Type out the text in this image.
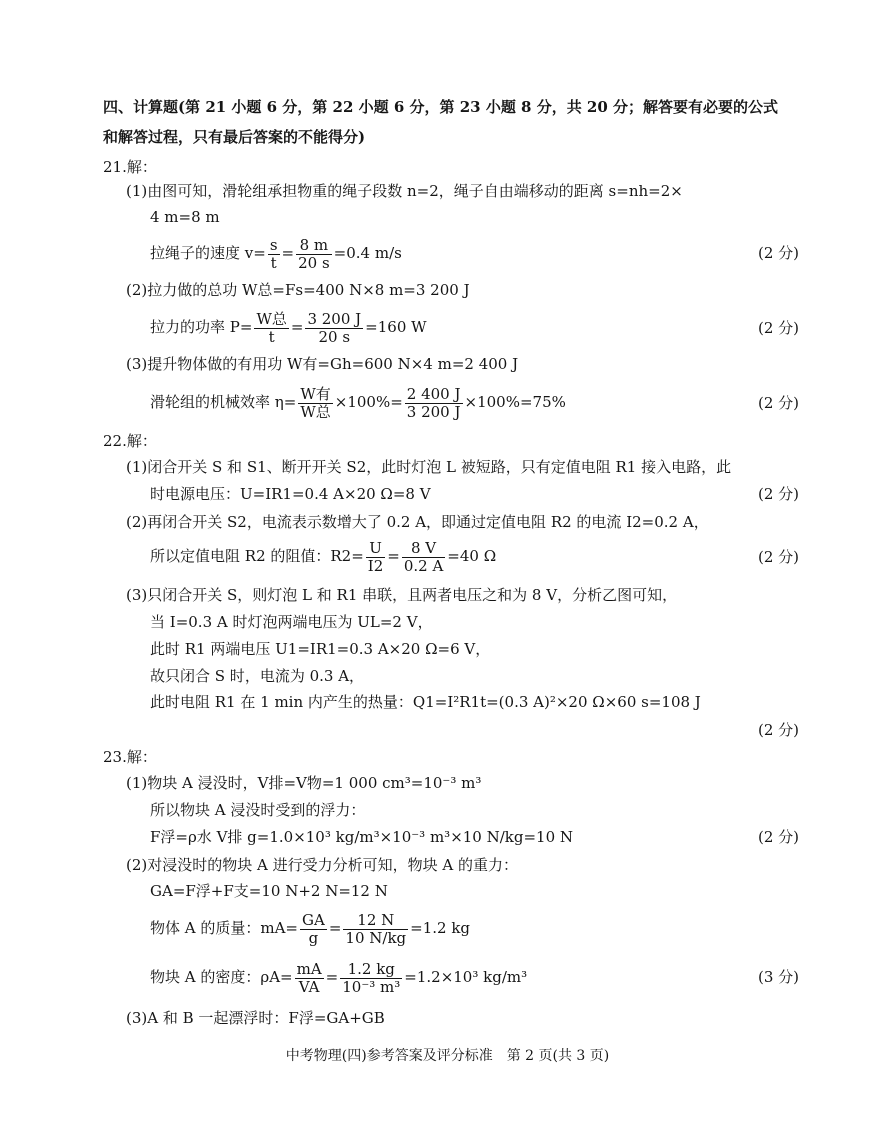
四、计算题(第 21 小题 6 分，第 22 小题 6 分，第 23 小题 8 分，共 20 分；解答要有必要的公式
和解答过程，只有最后答案的不能得分)
21.解：
(1)由图可知，滑轮组承担物重的绳子段数 n=2，绳子自由端移动的距离 s=nh=2×
4 m=8 m
拉绳子的速度 $v= \frac{s}{t} = \frac{8 m}{20 s} =0.4$ m/s	(2 分)
(2)拉力做的总功 W总=Fs=400 N×8 m=3 200 J
拉力的功率 $P= \frac{\text{W总}}{t} = \frac{3 200 J}{20 s} =160$ W	(2 分)
(3)提升物体做的有用功 W有=Gh=600 N×4 m=2 400 J
滑轮组的机械效率 $\eta= \frac{\text{W有}}{\text{W总}} \times 100\%= \frac{2 400 J}{3 200 J} \times 100\%=75\%$	(2 分)
22.解：
(1)闭合开关 S 和 S1、断开开关 S2，此时灯泡 L 被短路，只有定值电阻 R1 接入电路，此
时电源电压：U=IR1=0.4 A×20 Ω=8 V	(2 分)
(2)再闭合开关 S2，电流表示数增大了 0.2 A，即通过定值电阻 R2 的电流 I2=0.2 A，
所以定值电阻 R2 的阻值：$R2= \frac{U}{I2} = \frac{8 V}{0.2 A} =40$ Ω	(2 分)
(3)只闭合开关 S，则灯泡 L 和 R1 串联，且两者电压之和为 8 V，分析乙图可知，
当 I=0.3 A 时灯泡两端电压为 UL=2 V，
此时 R1 两端电压 U1=IR1=0.3 A×20 Ω=6 V，
故只闭合 S 时，电流为 0.3 A，
此时电阻 R1 在 1 min 内产生的热量：Q1=I²R1t=(0.3 A)²×20 Ω×60 s=108 J
(2 分)
23.解：
(1)物块 A 浸没时，V排=V物=1 000 cm³=10⁻³ m³
所以物块 A 浸没时受到的浮力：
F浮=ρ水 V排 g=1.0×10³ kg/m³×10⁻³ m³×10 N/kg=10 N	(2 分)
(2)对浸没时的物块 A 进行受力分析可知，物块 A 的重力：
GA=F浮+F支=10 N+2 N=12 N
物体 A 的质量：$mA= \frac{GA}{g} = \frac{12 N}{10 N/kg} =1.2$ kg
物块 A 的密度：$\rho A= \frac{mA}{VA} = \frac{1.2 kg}{\text{10⁻³ m³}} =1.2\times 10^3$ kg/m³	(3 分)
(3)A 和 B 一起漂浮时：F浮=GA+GB
中考物理(四)参考答案及评分标准　第 2 页(共 3 页)
